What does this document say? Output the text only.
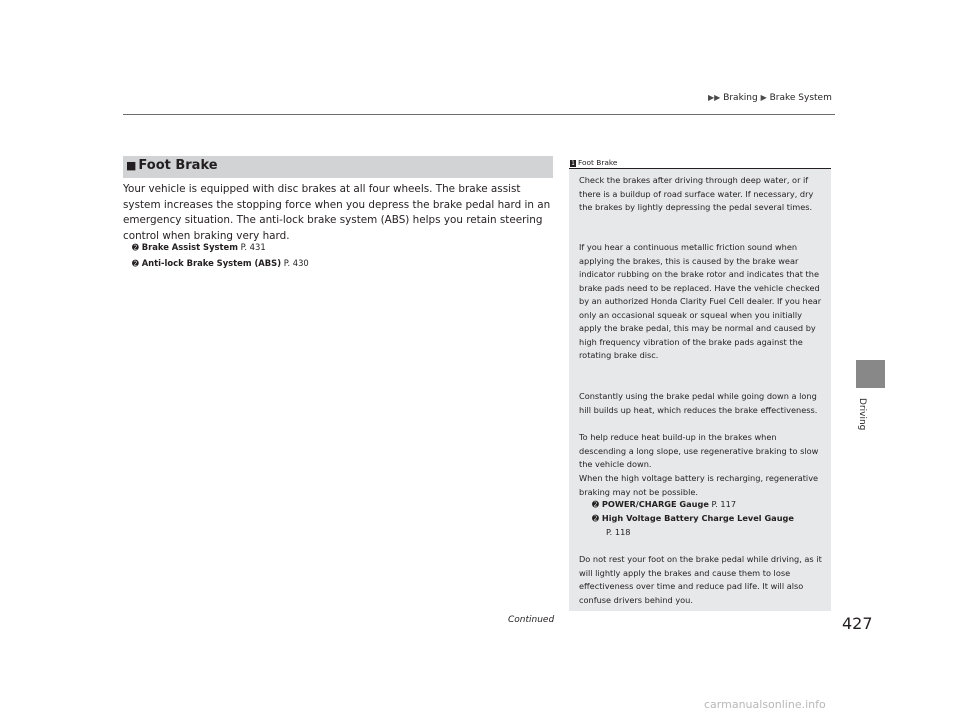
▶▶ Braking ▶ Brake System
Driving
■ Foot Brake
Your vehicle is equipped with disc brakes at all four wheels. The brake assist system increases the stopping force when you depress the brake pedal hard in an emergency situation. The anti-lock brake system (ABS) helps you retain steering control when braking very hard.
➋ Brake Assist System P. 431
➋ Anti-lock Brake System (ABS) P. 430
1 Foot Brake
Check the brakes after driving through deep water, or if there is a buildup of road surface water. If necessary, dry the brakes by lightly depressing the pedal several times.
If you hear a continuous metallic friction sound when applying the brakes, this is caused by the brake wear indicator rubbing on the brake rotor and indicates that the brake pads need to be replaced. Have the vehicle checked by an authorized Honda Clarity Fuel Cell dealer. If you hear only an occasional squeak or squeal when you initially apply the brake pedal, this may be normal and caused by high frequency vibration of the brake pads against the rotating brake disc.
Constantly using the brake pedal while going down a long hill builds up heat, which reduces the brake effectiveness.
To help reduce heat build-up in the brakes when descending a long slope, use regenerative braking to slow the vehicle down.
When the high voltage battery is recharging, regenerative braking may not be possible.
➋ POWER/CHARGE Gauge P. 117
➋ High Voltage Battery Charge Level Gauge
P. 118
Do not rest your foot on the brake pedal while driving, as it will lightly apply the brakes and cause them to lose effectiveness over time and reduce pad life. It will also confuse drivers behind you.
Continued	427
carmanualsonline.info
